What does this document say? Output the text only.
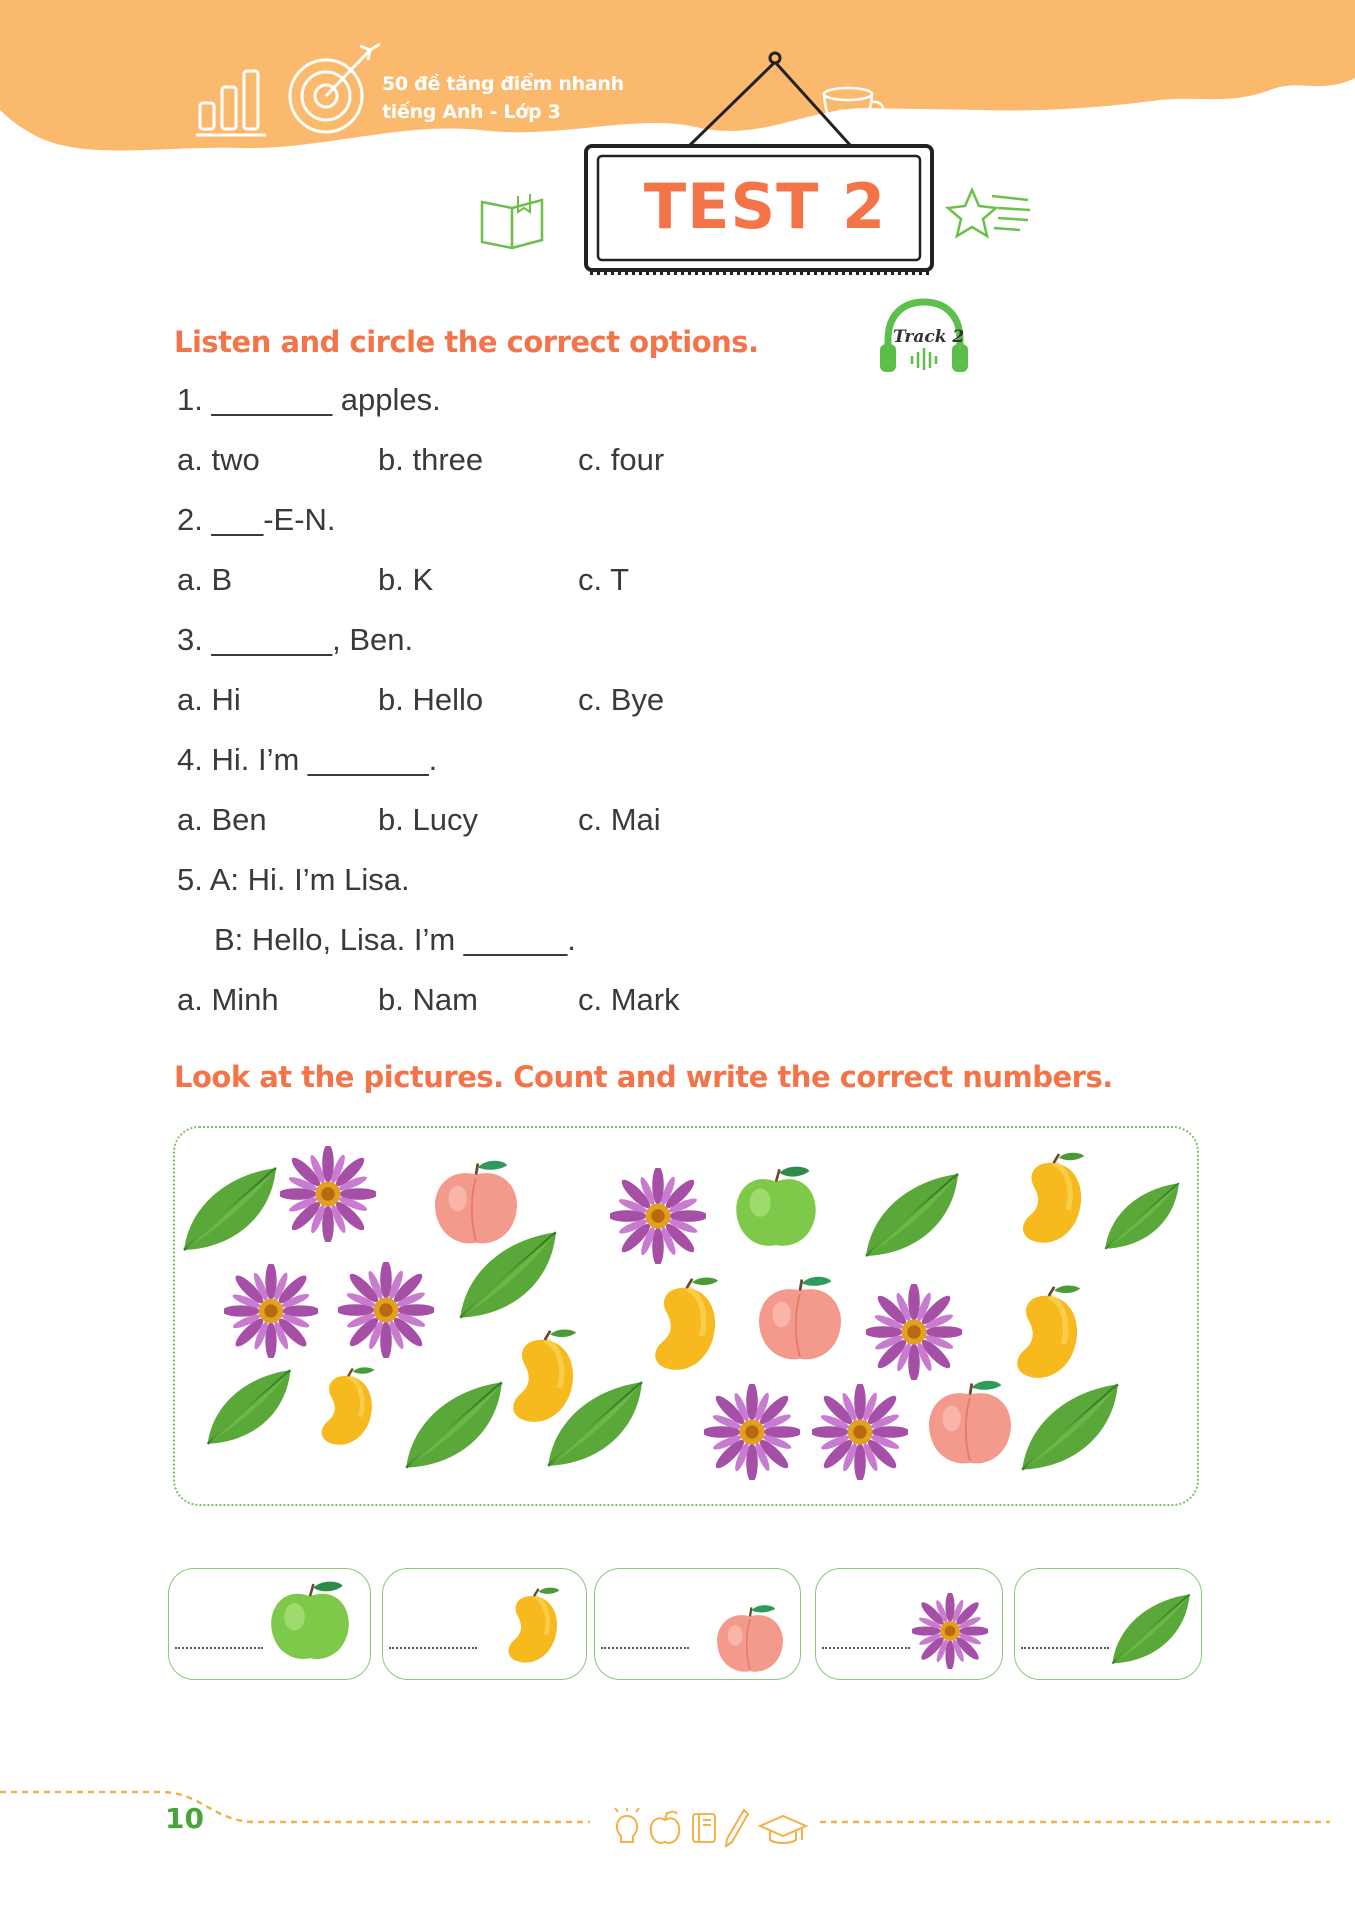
50 đề tăng điểm nhanh
tiếng Anh - Lớp 3
TEST 2
Listen and circle the correct options.	Track 2
1. _______ apples.
a. two	b. three	c. four
2. ___-E-N.
a. B	b. K	c. T
3. _______, Ben.
a. Hi	b. Hello	c. Bye
4. Hi. I’m _______.
a. Ben	b. Lucy	c. Mai
5. A: Hi. I’m Lisa.
B: Hello, Lisa. I’m ______.
a. Minh	b. Nam	c. Mark
Look at the pictures. Count and write the correct numbers.
10
